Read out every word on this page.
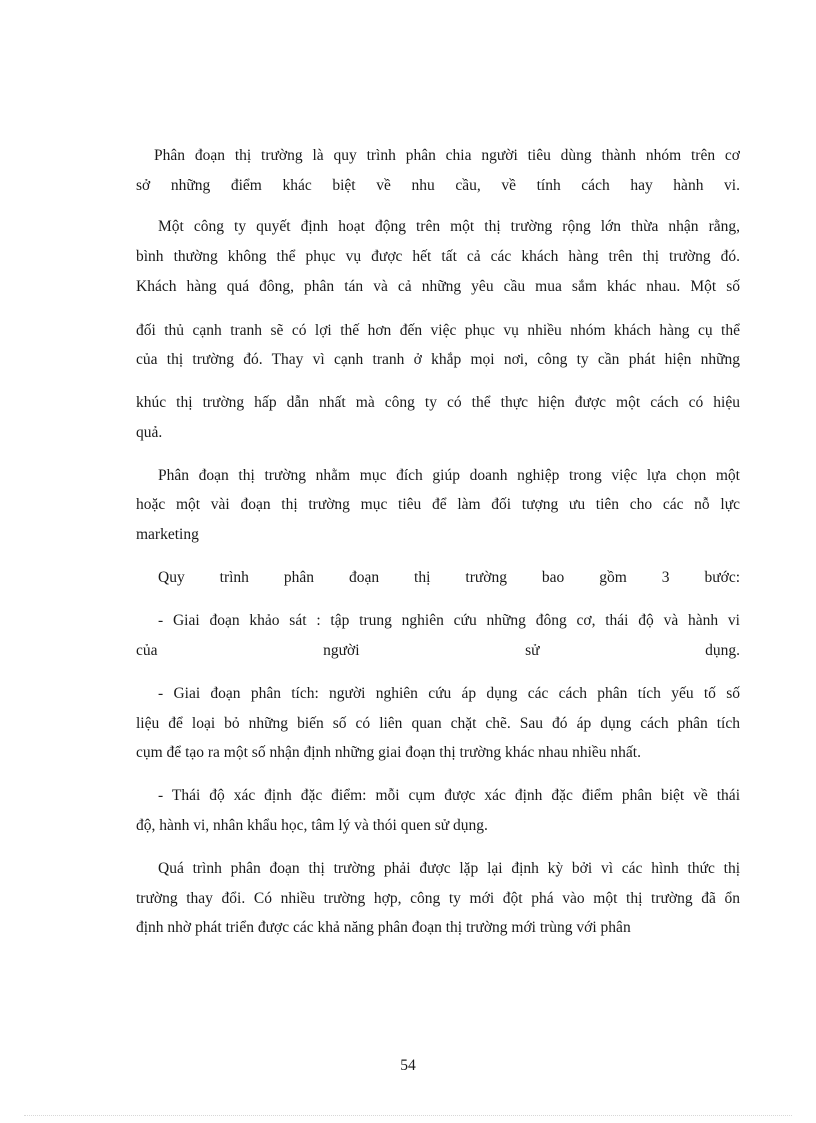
Phân đoạn thị trường là quy trình phân chia người tiêu dùng thành nhóm trên cơ
sở những điểm khác biệt về nhu cầu, về tính cách hay hành vi.
Một công ty quyết định hoạt động trên một thị trường rộng lớn thừa nhận rằng,
bình thường không thể phục vụ được hết tất cả các khách hàng trên thị trường đó.
Khách hàng quá đông, phân tán và cả những yêu cầu mua sắm khác nhau. Một số
đối thủ cạnh tranh sẽ có lợi thế hơn đến việc phục vụ nhiều nhóm khách hàng cụ thể
của thị trường đó. Thay vì cạnh tranh ở khắp mọi nơi, công ty cần phát hiện những
khúc thị trường hấp dẫn nhất mà công ty có thể thực hiện được một cách có hiệu
quả.
Phân đoạn thị trường nhằm mục đích giúp doanh nghiệp trong việc lựa chọn một
hoặc một vài đoạn thị trường mục tiêu để làm đối tượng ưu tiên cho các nỗ lực
marketing
Quy trình phân đoạn thị trường bao gồm 3 bước:
- Giai đoạn khảo sát : tập trung nghiên cứu những đông cơ, thái độ và hành vi
của người sử dụng.
- Giai đoạn phân tích: người nghiên cứu áp dụng các cách phân tích yếu tố số
liệu để loại bỏ những biến số có liên quan chặt chẽ. Sau đó áp dụng cách phân tích
cụm để tạo ra một số nhận định những giai đoạn thị trường khác nhau nhiều nhất.
- Thái độ xác định đặc điểm: mỗi cụm được xác định đặc điểm phân biệt về thái
độ, hành vi, nhân khẩu học, tâm lý và thói quen sử dụng.
Quá trình phân đoạn thị trường phải được lặp lại định kỳ bởi vì các hình thức thị
trường thay đổi. Có nhiều trường hợp, công ty mới đột phá vào một thị trường đã ổn
định nhờ phát triển được các khả năng phân đoạn thị trường mới trùng với phân
54
